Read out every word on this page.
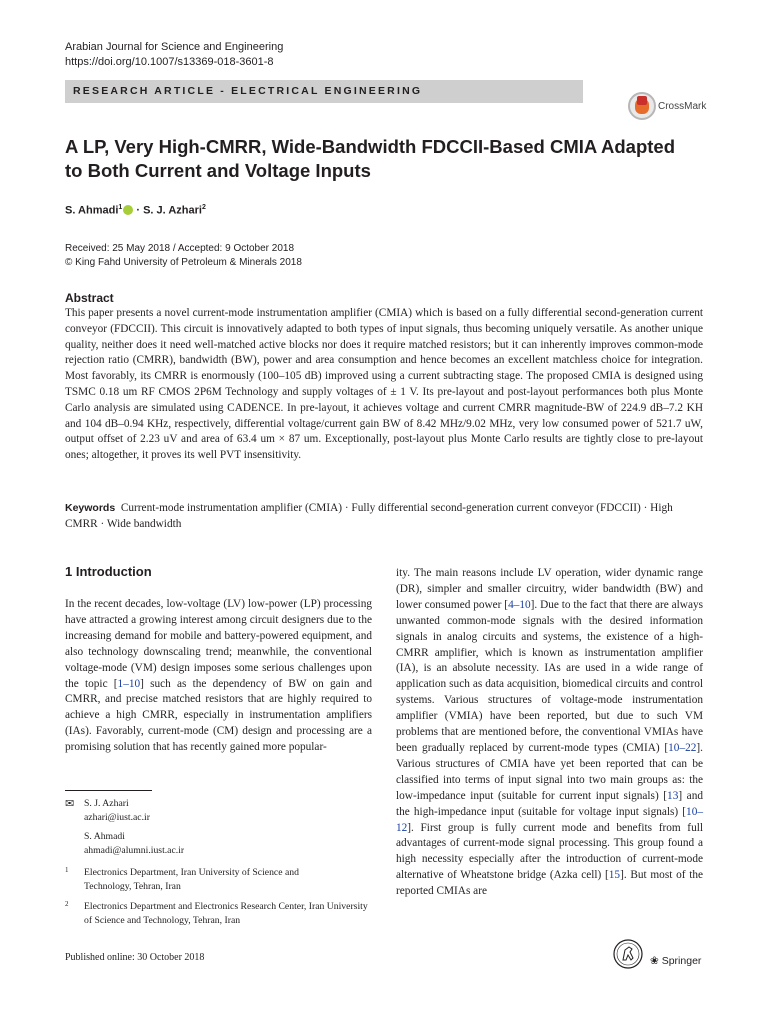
Arabian Journal for Science and Engineering
https://doi.org/10.1007/s13369-018-3601-8
RESEARCH ARTICLE - ELECTRICAL ENGINEERING
CrossMark
A LP, Very High-CMRR, Wide-Bandwidth FDCCII-Based CMIA Adapted
to Both Current and Voltage Inputs
S. Ahmadi$^1$ · S. J. Azhari$^2$
Received: 25 May 2018 / Accepted: 9 October 2018
© King Fahd University of Petroleum & Minerals 2018
Abstract
This paper presents a novel current-mode instrumentation amplifier (CMIA) which is based on a fully differential second-generation current conveyor (FDCCII). This circuit is innovatively adapted to both types of input signals, thus becoming uniquely versatile. As another unique quality, neither does it need well-matched active blocks nor does it require matched resistors; but it can inherently improves common-mode rejection ratio (CMRR), bandwidth (BW), power and area consumption and hence becomes an excellent matchless choice for integration. Most favorably, its CMRR is enormously (100–105 dB) improved using a current subtracting stage. The proposed CMIA is designed using TSMC 0.18 um RF CMOS 2P6M Technology and supply voltages of ± 1 V. Its pre-layout and post-layout performances both plus Monte Carlo analysis are simulated using CADENCE. In pre-layout, it achieves voltage and current CMRR magnitude-BW of 224.9 dB–7.2 KH and 104 dB–0.94 KHz, respectively, differential voltage/current gain BW of 8.42 MHz/9.02 MHz, very low consumed power of 521.7 uW, output offset of 2.23 uV and area of 63.4 um × 87 um. Exceptionally, post-layout plus Monte Carlo results are tightly close to pre-layout ones; altogether, it proves its well PVT insensitivity.
Keywords Current-mode instrumentation amplifier (CMIA) · Fully differential second-generation current conveyor (FDCCII) · High CMRR · Wide bandwidth
1 Introduction
In the recent decades, low-voltage (LV) low-power (LP) processing have attracted a growing interest among circuit designers due to the increasing demand for mobile and battery-powered equipment, and also technology downscaling trend; meanwhile, the conventional voltage-mode (VM) design imposes some serious challenges upon the topic [1–10] such as the dependency of BW on gain and CMRR, and precise matched resistors that are highly required to achieve a high CMRR, especially in instrumentation amplifiers (IAs). Favorably, current-mode (CM) design and processing are a promising solution that has recently gained more popular-
ity. The main reasons include LV operation, wider dynamic range (DR), simpler and smaller circuitry, wider bandwidth (BW) and lower consumed power [4–10]. Due to the fact that there are always unwanted common-mode signals with the desired information signals in analog circuits and systems, the existence of a high-CMRR amplifier, which is known as instrumentation amplifier (IA), is an absolute necessity. IAs are used in a wide range of application such as data acquisition, biomedical circuits and control systems. Various structures of voltage-mode instrumentation amplifier (VMIA) have been reported, but due to such VM problems that are mentioned before, the conventional VMIAs have been gradually replaced by current-mode types (CMIA) [10–22]. Various structures of CMIA have yet been reported that can be classified into terms of input signal into two main groups as: the low-impedance input (suitable for current input signals) [13] and the high-impedance input (suitable for voltage input signals) [10–12]. First group is fully current mode and benefits from full advantages of current-mode signal processing. This group found a high necessity especially after the introduction of current-mode alternative of Wheatstone bridge (Azka cell) [15]. But most of the reported CMIAs are
✉ S. J. Azhari
azhari@iust.ac.ir
S. Ahmadi
ahmadi@alumni.iust.ac.ir
1 Electronics Department, Iran University of Science and Technology, Tehran, Iran
2 Electronics Department and Electronics Research Center, Iran University of Science and Technology, Tehran, Iran
Published online: 30 October 2018	❀ Springer
